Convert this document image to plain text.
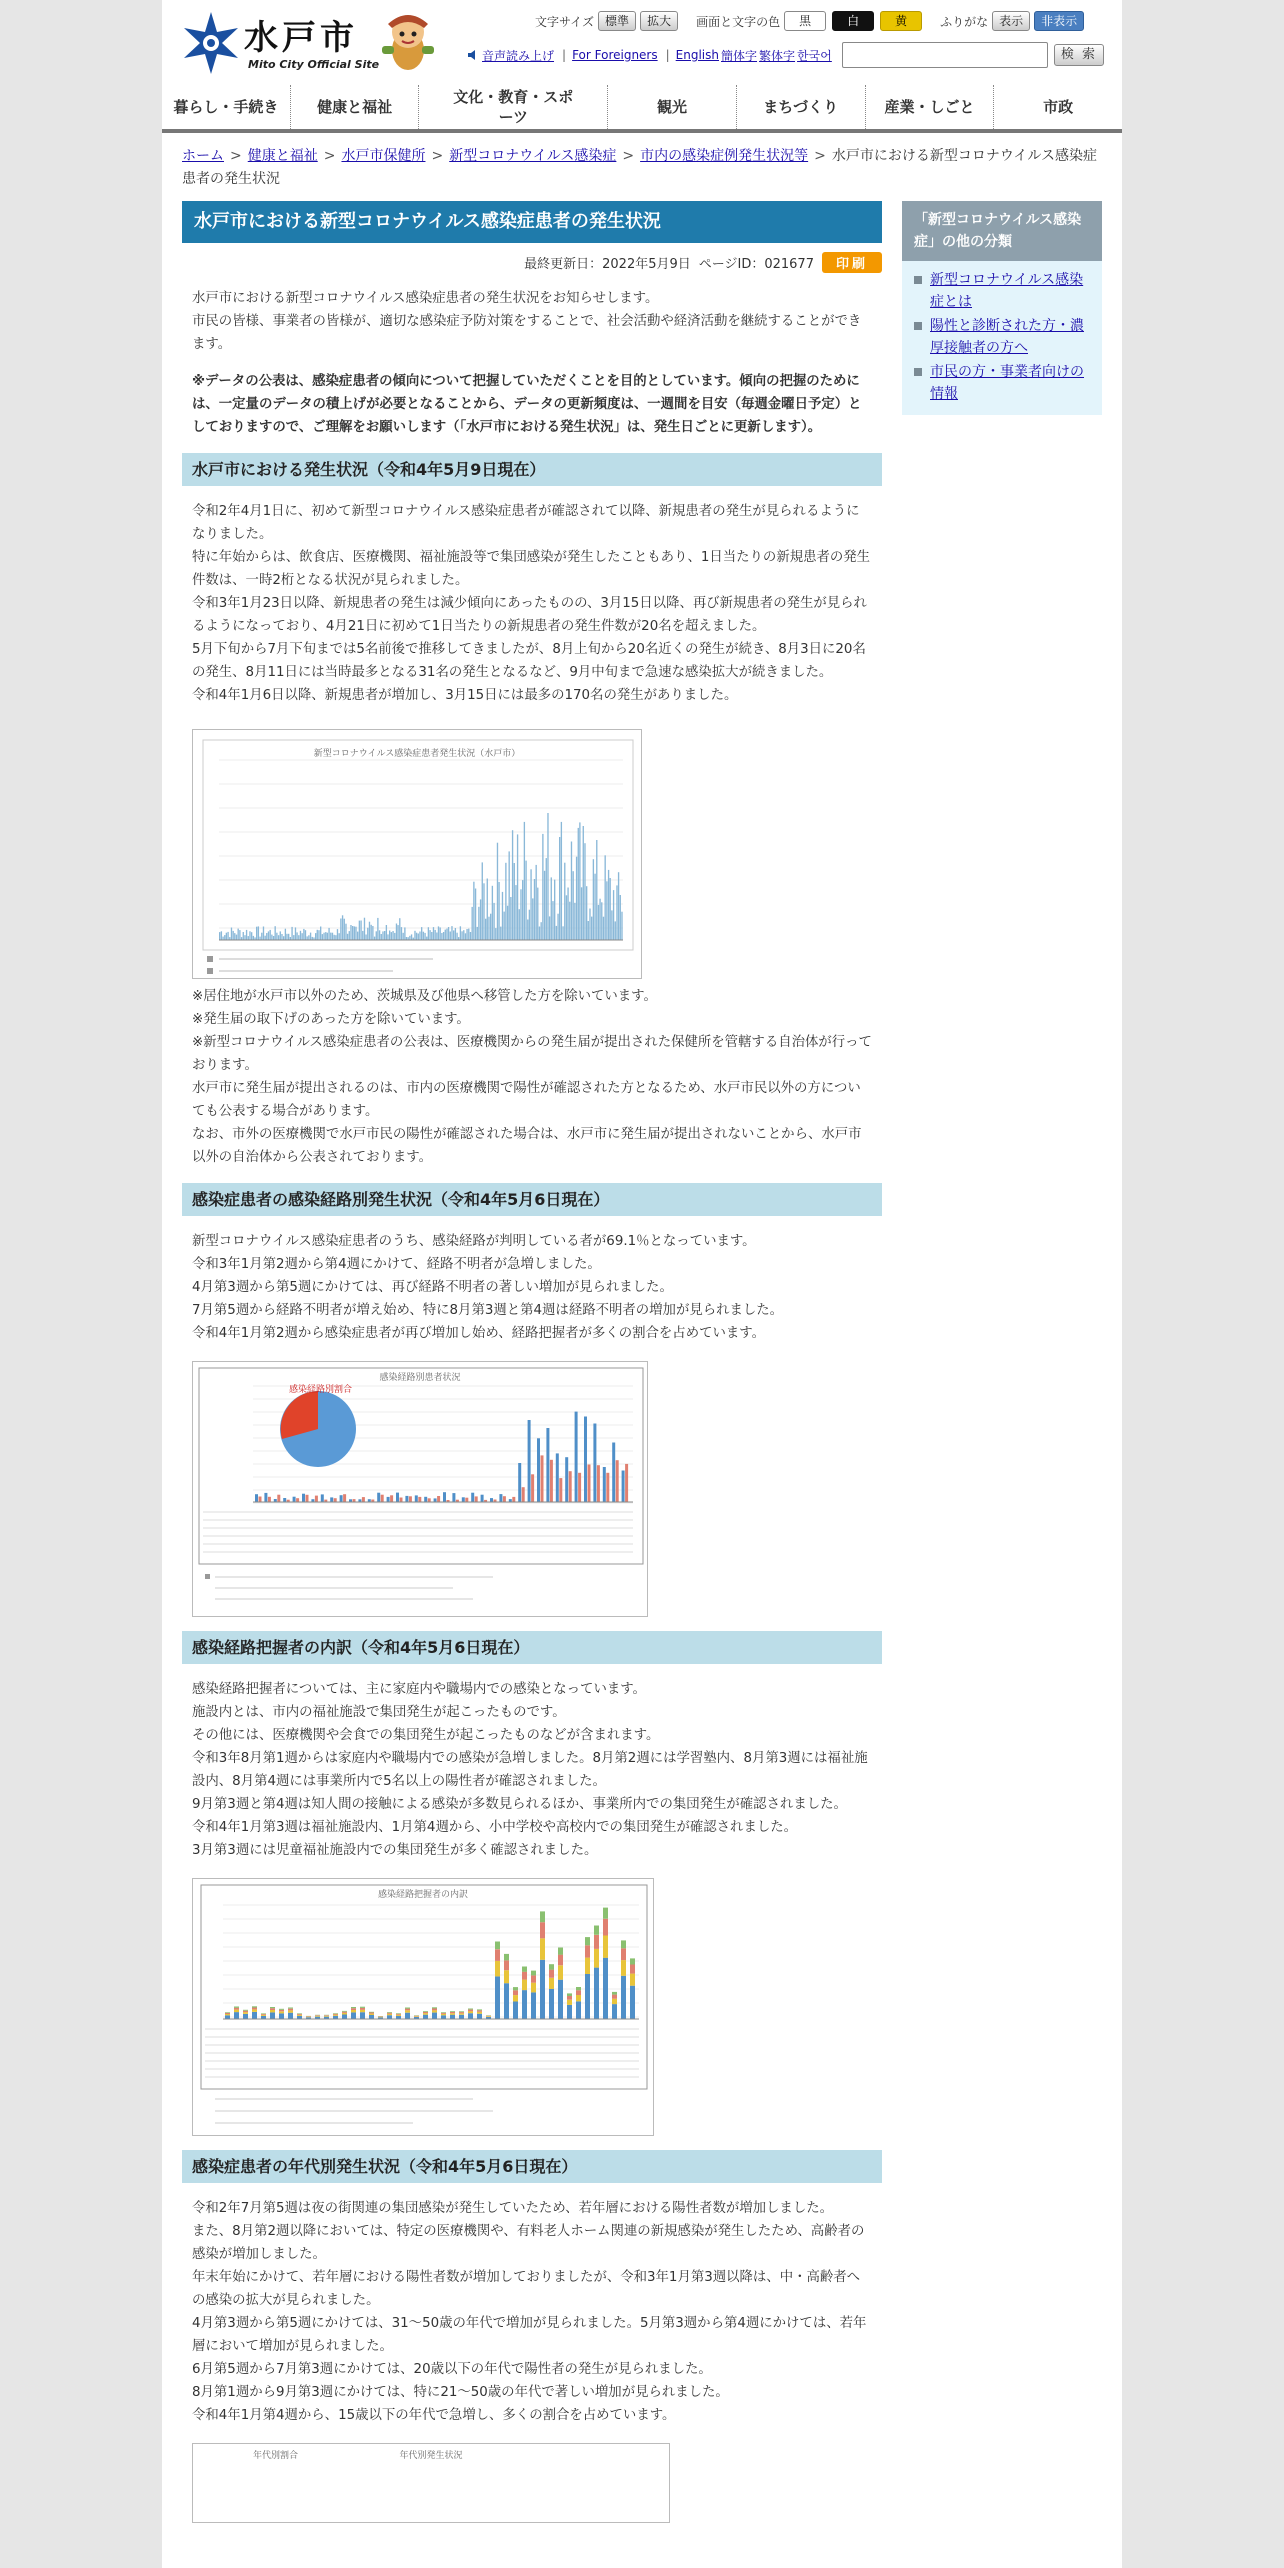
水戸市
Mito City Official Site
文字サイズ 標準	拡大	画面と文字の色	黒	白	黄	ふりがな 表示	非表示
音声読み上げ | For Foreigners | English 簡体字 繁体字 한국어	検 索
暮らし・手続き	健康と福祉
文化・教育・スポーツ
観光	まちづくり	産業・しごと	市政
ホーム > 健康と福祉 > 水戸市保健所 > 新型コロナウイルス感染症 > 市内の感染症例発生状況等 > 水戸市における新型コロナウイルス感染症患者の発生状況
水戸市における新型コロナウイルス感染症患者の発生状況
最終更新日：2022年5月9日 ページID：021677	印刷
水戸市における新型コロナウイルス感染症患者の発生状況をお知らせします。
市民の皆様、事業者の皆様が、適切な感染症予防対策をすることで、社会活動や経済活動を継続することができます。
※データの公表は、感染症患者の傾向について把握していただくことを目的としています。傾向の把握のためには、一定量のデータの積上げが必要となることから、データの更新頻度は、一週間を目安（毎週金曜日予定）としておりますので、ご理解をお願いします（「水戸市における発生状況」は、発生日ごとに更新します）。
水戸市における発生状況（令和4年5月9日現在）
令和2年4月1日に、初めて新型コロナウイルス感染症患者が確認されて以降、新規患者の発生が見られるようになりました。
特に年始からは、飲食店、医療機関、福祉施設等で集団感染が発生したこともあり、1日当たりの新規患者の発生件数は、一時2桁となる状況が見られました。
令和3年1月23日以降、新規患者の発生は減少傾向にあったものの、3月15日以降、再び新規患者の発生が見られるようになっており、4月21日に初めて1日当たりの新規患者の発生件数が20名を超えました。
5月下旬から7月下旬までは5名前後で推移してきましたが、8月上旬から20名近くの発生が続き、8月3日に20名の発生、8月11日には当時最多となる31名の発生となるなど、9月中旬まで急速な感染拡大が続きました。
令和4年1月6日以降、新規患者が増加し、3月15日には最多の170名の発生がありました。
新型コロナウイルス感染症患者発生状況（水戸市）
※居住地が水戸市以外のため、茨城県及び他県へ移管した方を除いています。
※発生届の取下げのあった方を除いています。
※新型コロナウイルス感染症患者の公表は、医療機関からの発生届が提出された保健所を管轄する自治体が行っております。
水戸市に発生届が提出されるのは、市内の医療機関で陽性が確認された方となるため、水戸市民以外の方についても公表する場合があります。
なお、市外の医療機関で水戸市民の陽性が確認された場合は、水戸市に発生届が提出されないことから、水戸市以外の自治体から公表されております。
感染症患者の感染経路別発生状況（令和4年5月6日現在）
新型コロナウイルス感染症患者のうち、感染経路が判明している者が69.1％となっています。
令和3年1月第2週から第4週にかけて、経路不明者が急増しました。
4月第3週から第5週にかけては、再び経路不明者の著しい増加が見られました。
7月第5週から経路不明者が増え始め、特に8月第3週と第4週は経路不明者の増加が見られました。
令和4年1月第2週から感染症患者が再び増加し始め、経路把握者が多くの割合を占めています。
感染経路別患者状況
感染経路別割合
感染経路把握者の内訳（令和4年5月6日現在）
感染経路把握者については、主に家庭内や職場内での感染となっています。
施設内とは、市内の福祉施設で集団発生が起こったものです。
その他には、医療機関や会食での集団発生が起こったものなどが含まれます。
令和3年8月第1週からは家庭内や職場内での感染が急増しました。8月第2週には学習塾内、8月第3週には福祉施設内、8月第4週には事業所内で5名以上の陽性者が確認されました。
9月第3週と第4週は知人間の接触による感染が多数見られるほか、事業所内での集団発生が確認されました。
令和4年1月第3週は福祉施設内、1月第4週から、小中学校や高校内での集団発生が確認されました。
3月第3週には児童福祉施設内での集団発生が多く確認されました。
感染経路把握者の内訳
感染症患者の年代別発生状況（令和4年5月6日現在）
令和2年7月第5週は夜の街関連の集団感染が発生していたため、若年層における陽性者数が増加しました。
また、8月第2週以降においては、特定の医療機関や、有料老人ホーム関連の新規感染が発生したため、高齢者の感染が増加しました。
年末年始にかけて、若年層における陽性者数が増加しておりましたが、令和3年1月第3週以降は、中・高齢者への感染の拡大が見られました。
4月第3週から第5週にかけては、31～50歳の年代で増加が見られました。5月第3週から第4週にかけては、若年層において増加が見られました。
6月第5週から7月第3週にかけては、20歳以下の年代で陽性者の発生が見られました。
8月第1週から9月第3週にかけては、特に21～50歳の年代で著しい増加が見られました。
令和4年1月第4週から、15歳以下の年代で急増し、多くの割合を占めています。
年代別発生状況
年代別割合
「新型コロナウイルス感染症」の他の分類
新型コロナウイルス感染症とは
陽性と診断された方・濃厚接触者の方へ
市民の方・事業者向けの情報
